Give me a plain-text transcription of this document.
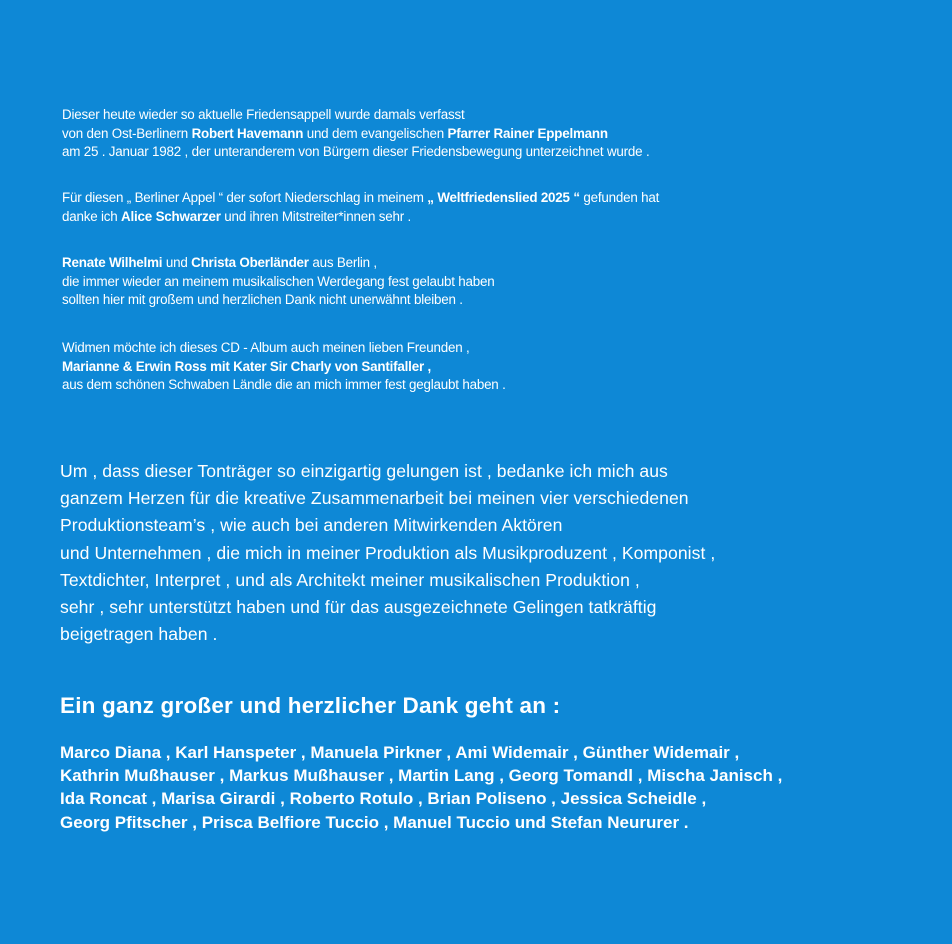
Dieser heute wieder so aktuelle Friedensappell wurde damals verfasst
von den Ost-Berlinern Robert Havemann und dem evangelischen Pfarrer Rainer Eppelmann
am 25 . Januar 1982 , der unteranderem von Bürgern dieser Friedensbewegung unterzeichnet wurde .
Für diesen „ Berliner Appel “ der sofort Niederschlag in meinem „ Weltfriedenslied 2025 “ gefunden hat
danke ich Alice Schwarzer und ihren Mitstreiter*innen sehr .
Renate Wilhelmi und Christa Oberländer aus Berlin ,
die immer wieder an meinem musikalischen Werdegang fest gelaubt haben
sollten hier mit großem und herzlichen Dank nicht unerwähnt bleiben .
Widmen möchte ich dieses CD - Album auch meinen lieben Freunden ,
Marianne & Erwin Ross mit Kater Sir Charly von Santifaller ,
aus dem schönen Schwaben Ländle die an mich immer fest geglaubt haben .
Um , dass dieser Tonträger so einzigartig gelungen ist , bedanke ich mich aus
ganzem Herzen für die kreative Zusammenarbeit bei meinen vier verschiedenen
Produktionsteam’s , wie auch bei anderen Mitwirkenden Aktören
und Unternehmen , die mich in meiner Produktion als Musikproduzent , Komponist ,
Textdichter, Interpret , und als Architekt meiner musikalischen Produktion ,
sehr , sehr unterstützt haben und für das ausgezeichnete Gelingen tatkräftig
beigetragen haben .
Ein ganz großer und herzlicher Dank geht an :
Marco Diana , Karl Hanspeter , Manuela Pirkner , Ami Widemair , Günther Widemair ,
Kathrin Mußhauser , Markus Mußhauser , Martin Lang , Georg Tomandl , Mischa Janisch ,
Ida Roncat , Marisa Girardi , Roberto Rotulo , Brian Poliseno , Jessica Scheidle ,
Georg Pfitscher , Prisca Belfiore Tuccio , Manuel Tuccio und Stefan Neururer .
